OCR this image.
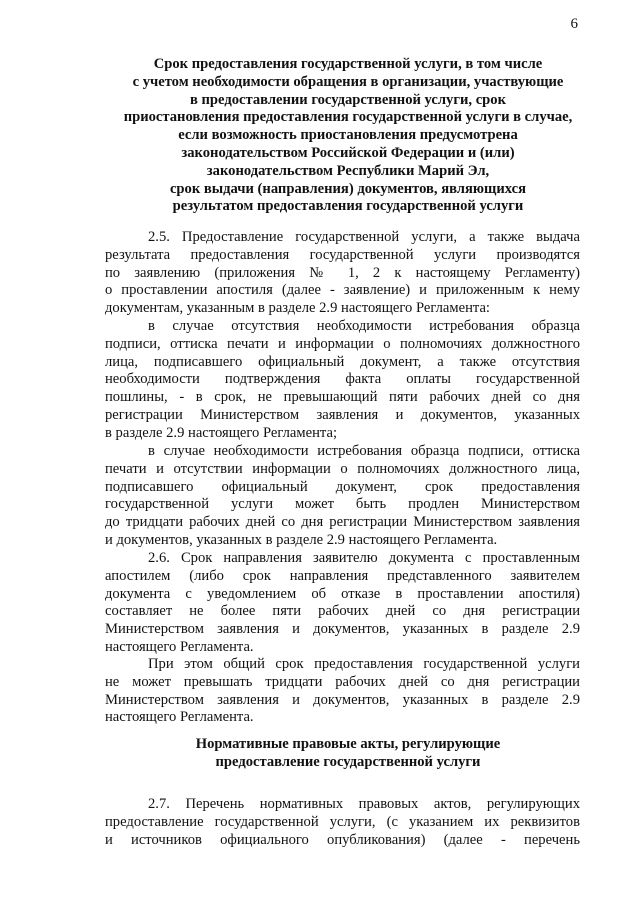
6
Срок предоставления государственной услуги, в том числе
с учетом необходимости обращения в организации, участвующие
в предоставлении государственной услуги, срок
приостановления предоставления государственной услуги в случае,
если возможность приостановления предусмотрена
законодательством Российской Федерации и (или)
законодательством Республики Марий Эл,
срок выдачи (направления) документов, являющихся
результатом предоставления государственной услуги
2.5. Предоставление государственной услуги, а также выдача
результата предоставления государственной услуги производятся
по заявлению (приложения № 1, 2 к настоящему Регламенту)
о проставлении апостиля (далее - заявление) и приложенным к нему
документам, указанным в разделе 2.9 настоящего Регламента:
в случае отсутствия необходимости истребования образца
подписи, оттиска печати и информации о полномочиях должностного
лица, подписавшего официальный документ, а также отсутствия
необходимости подтверждения факта оплаты государственной
пошлины, - в срок, не превышающий пяти рабочих дней со дня
регистрации Министерством заявления и документов, указанных
в разделе 2.9 настоящего Регламента;
в случае необходимости истребования образца подписи, оттиска
печати и отсутствии информации о полномочиях должностного лица,
подписавшего официальный документ, срок предоставления
государственной услуги может быть продлен Министерством
до тридцати рабочих дней со дня регистрации Министерством заявления
и документов, указанных в разделе 2.9 настоящего Регламента.
2.6. Срок направления заявителю документа с проставленным
апостилем (либо срок направления представленного заявителем
документа с уведомлением об отказе в проставлении апостиля)
составляет не более пяти рабочих дней со дня регистрации
Министерством заявления и документов, указанных в разделе 2.9
настоящего Регламента.
При этом общий срок предоставления государственной услуги
не может превышать тридцати рабочих дней со дня регистрации
Министерством заявления и документов, указанных в разделе 2.9
настоящего Регламента.
Нормативные правовые акты, регулирующие
предоставление государственной услуги
2.7. Перечень нормативных правовых актов, регулирующих
предоставление государственной услуги, (с указанием их реквизитов
и источников официального опубликования) (далее - перечень
